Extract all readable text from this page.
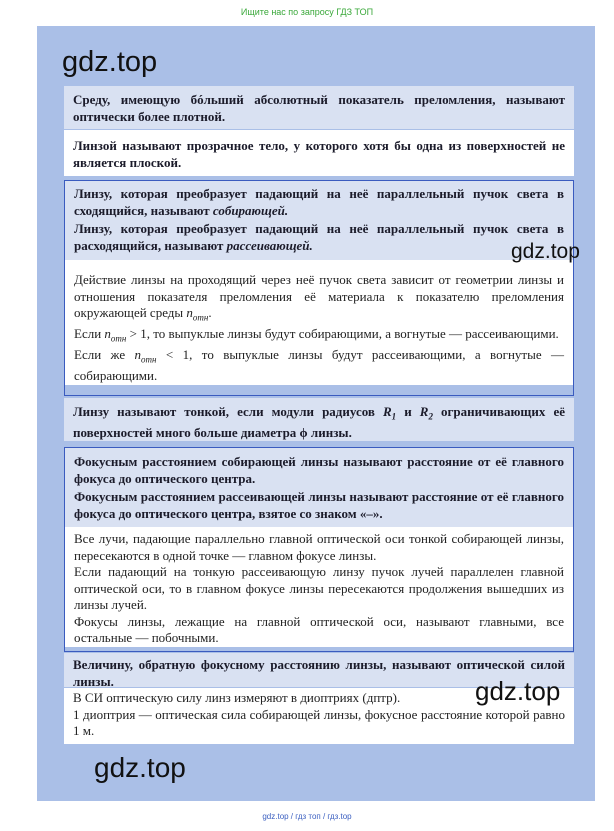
Ищите нас по запросу ГДЗ ТОП

Среду, имеющую бóльший абсолютный показатель преломления, называют оптически более плотной.

Линзой называют прозрачное тело, у которого хотя бы одна из поверхностей не является плоской.

Линзу, которая преобразует падающий на неё параллельный пучок света в сходящийся, называют собирающей.

Линзу, которая преобразует падающий на неё параллельный пучок света в расходящийся, называют рассеивающей.

Действие линзы на проходящий через неё пучок света зависит от геометрии линзы и отношения показателя преломления её материала к показателю преломления окружающей среды $n_{отн}$.

Если $n_{отн} > 1$, то выпуклые линзы будут собирающими, а вогнутые — рассеивающими.

Если же $n_{отн} < 1$, то выпуклые линзы будут рассеивающими, а вогнутые — собирающими.

Линзу называют тонкой, если модули радиусов $R_1$ и $R_2$ ограничивающих её поверхностей много больше диаметра ϕ линзы.

Фокусным расстоянием собирающей линзы называют расстояние от её главного фокуса до оптического центра.

Фокусным расстоянием рассеивающей линзы называют расстояние от её главного фокуса до оптического центра, взятое со знаком «–».

Все лучи, падающие параллельно главной оптической оси тонкой собирающей линзы, пересекаются в одной точке — главном фокусе линзы.

Если падающий на тонкую рассеивающую линзу пучок лучей параллелен главной оптической оси, то в главном фокусе линзы пересекаются продолжения вышедших из линзы лучей.

Фокусы линзы, лежащие на главной оптической оси, называют главными, все остальные — побочными.

Величину, обратную фокусному расстоянию линзы, называют оптической силой линзы.

В СИ оптическую силу линз измеряют в диоптриях (дптр).

1 диоптрия — оптическая сила собирающей линзы, фокусное расстояние которой равно 1 м.

gdz.top
gdz.top
gdz.top
gdz.top
gdz.top / гдз топ / гдз.top
